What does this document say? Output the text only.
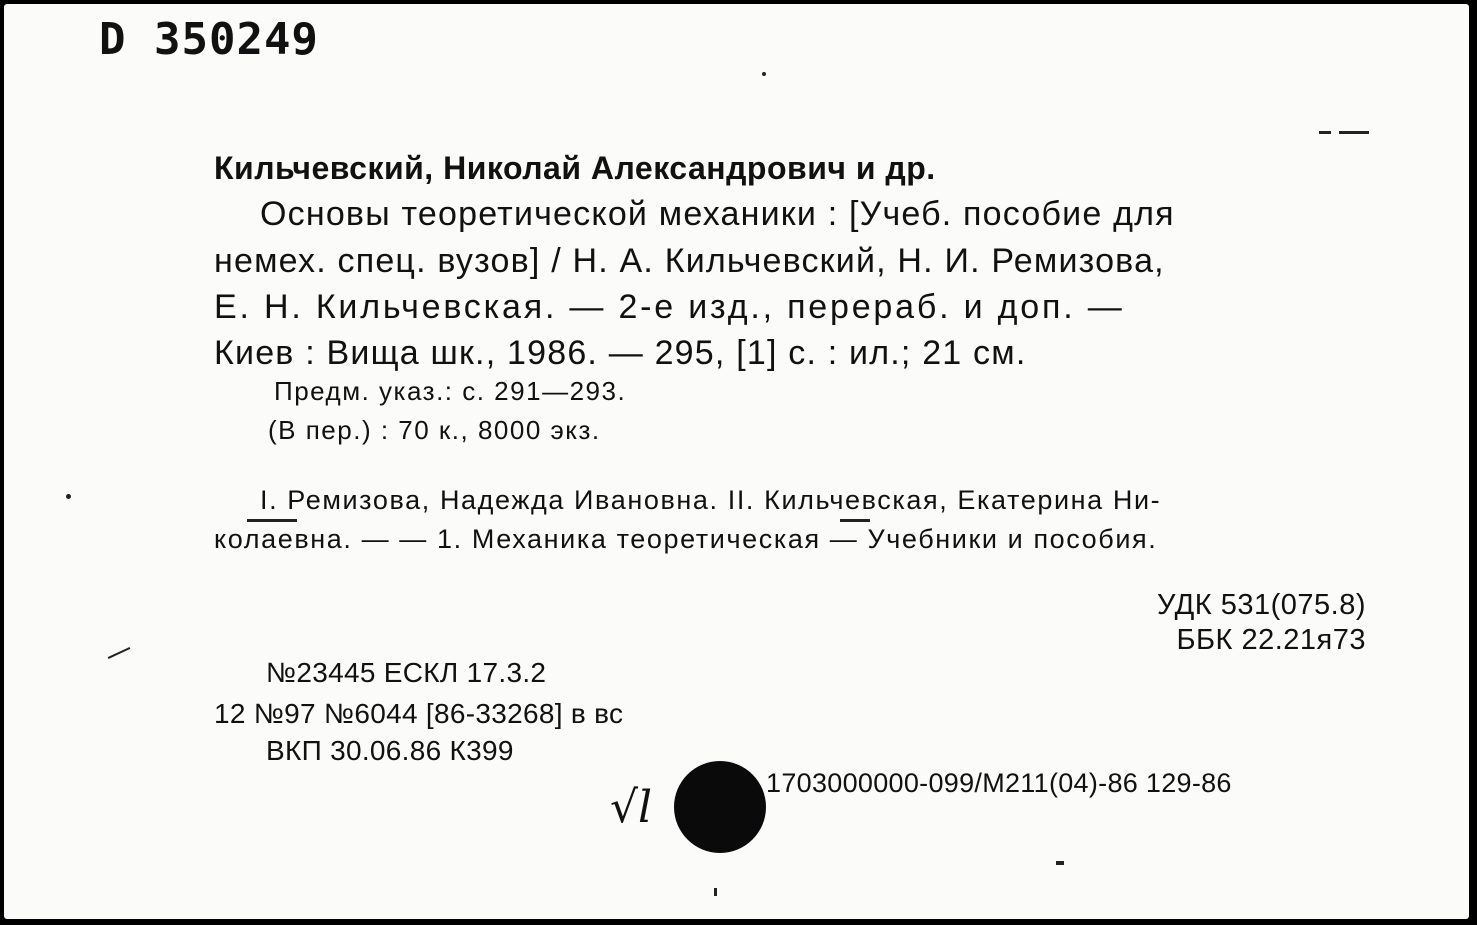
D 350249
Кильчевский, Николай Александрович и др.
Основы теоретической механики : [Учеб. пособие для
немех. спец. вузов] / Н. А. Кильчевский, Н. И. Ремизова,
Е. Н. Кильчевская. — 2-е изд., перераб. и доп. —
Киев : Вища шк., 1986. — 295, [1] с. : ил.; 21 см.
Предм. указ.: с. 291—293.
(В пер.) : 70 к., 8000 экз.
I. Ремизова, Надежда Ивановна. II. Кильчевская, Екатерина Ни-
колаевна. — — 1. Механика теоретическая — Учебники и пособия.
УДК 531(075.8)
ББК 22.21я73
№23445 ЕСКЛ 17.3.2
12 №97 №6044 [86-33268] в вс
ВКП 30.06.86 К399
√l	1703000000-099/М211(04)-86 129-86
